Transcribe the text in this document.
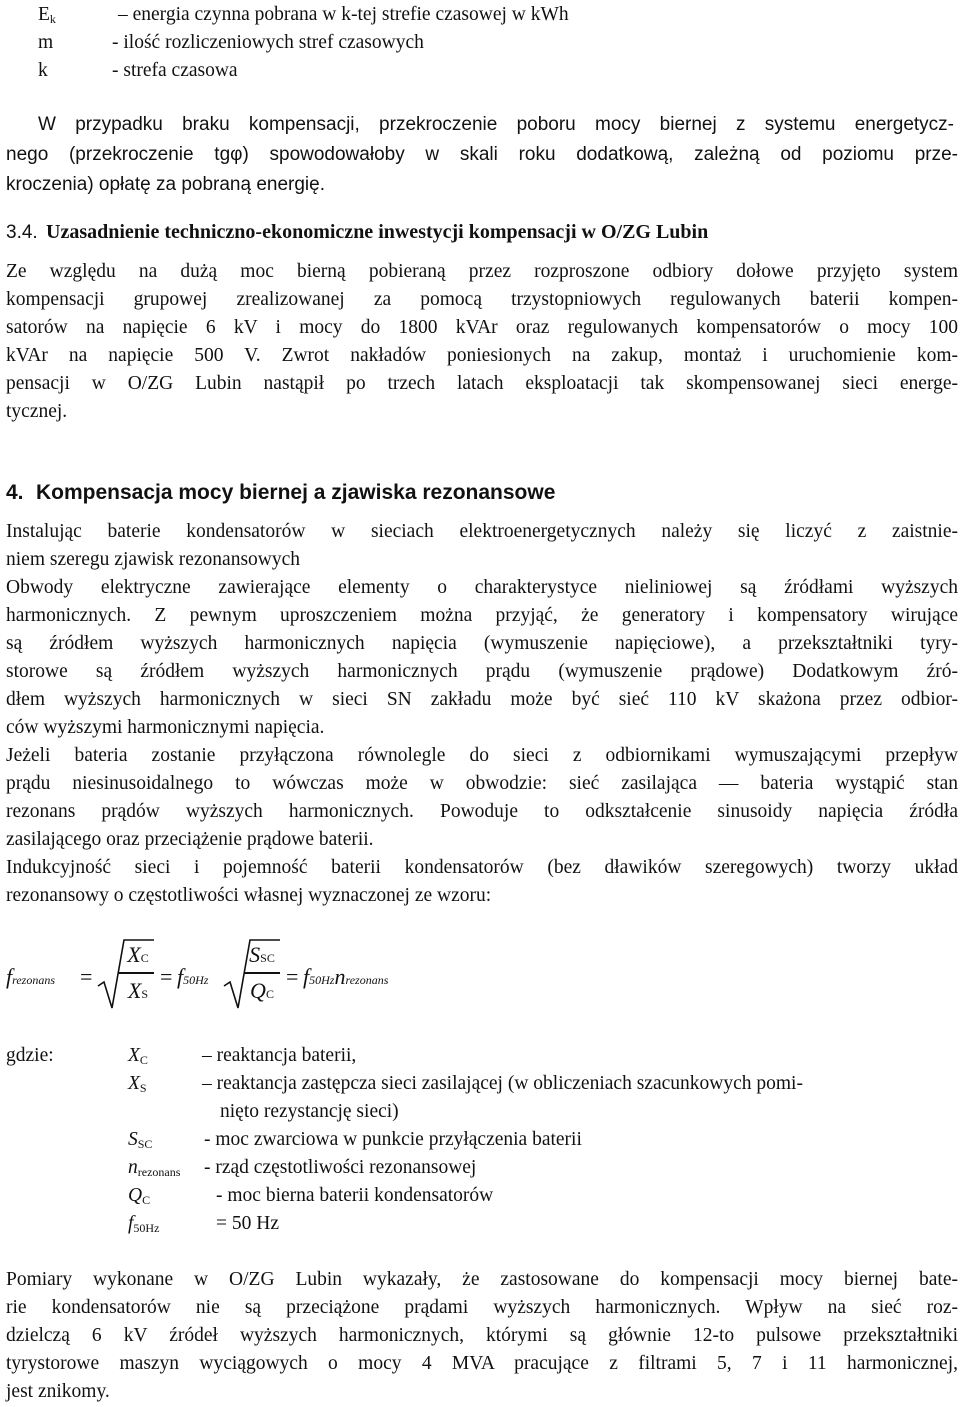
$E_k$	– energia czynna pobrana w k-tej strefie czasowej w kWh
m	- ilość rozliczeniowych stref czasowych
k	- strefa czasowa
W przypadku braku kompensacji, przekroczenie poboru mocy biernej z systemu energetycz-
nego (przekroczenie tgφ) spowodowałoby w skali roku dodatkową, zależną od poziomu prze-
kroczenia) opłatę za pobraną energię.
3.4. Uzasadnienie techniczno-ekonomiczne inwestycji kompensacji w O/ZG Lubin
Ze względu na dużą moc bierną pobieraną przez rozproszone odbiory dołowe przyjęto system
kompensacji grupowej zrealizowanej za pomocą trzystopniowych regulowanych baterii kompen-
satorów na napięcie 6 kV i mocy do 1800 kVAr oraz regulowanych kompensatorów o mocy 100
kVAr na napięcie 500 V. Zwrot nakładów poniesionych na zakup, montaż i uruchomienie kom-
pensacji w O/ZG Lubin nastąpił po trzech latach eksploatacji tak skompensowanej sieci energe-
tycznej.
4. Kompensacja mocy biernej a zjawiska rezonansowe
Instalując baterie kondensatorów w sieciach elektroenergetycznych należy się liczyć z zaistnie-
niem szeregu zjawisk rezonansowych
Obwody elektryczne zawierające elementy o charakterystyce nieliniowej są źródłami wyższych
harmonicznych. Z pewnym uproszczeniem można przyjąć, że generatory i kompensatory wirujące
są źródłem wyższych harmonicznych napięcia (wymuszenie napięciowe), a przekształtniki tyry-
storowe są źródłem wyższych harmonicznych prądu (wymuszenie prądowe) Dodatkowym źró-
dłem wyższych harmonicznych w sieci SN zakładu może być sieć 110 kV skażona przez odbior-
ców wyższymi harmonicznymi napięcia.
Jeżeli bateria zostanie przyłączona równolegle do sieci z odbiornikami wymuszającymi przepływ
prądu niesinusoidalnego to wówczas może w obwodzie: sieć zasilająca — bateria wystąpić stan
rezonans prądów wyższych harmonicznych. Powoduje to odkształcenie sinusoidy napięcia źródła
zasilającego oraz przeciążenie prądowe baterii.
Indukcyjność sieci i pojemność baterii kondensatorów (bez dławików szeregowych) tworzy układ
rezonansowy o częstotliwości własnej wyznaczonej ze wzoru:
frezonans =
XC
XS
= f50Hz
SSC
QC
= f50Hznrezonans
gdzie:	$X_C$	– reaktancja baterii,
$X_S$	– reaktancja zastępcza sieci zasilającej (w obliczeniach szacunkowych pomi-
nięto rezystancję sieci)
$S_{SC}$	- moc zwarciowa w punkcie przyłączenia baterii
$n_{rezonans}$ - rząd częstotliwości rezonansowej
$Q_C$	- moc bierna baterii kondensatorów
$f_{50Hz}$	= 50 Hz
Pomiary wykonane w O/ZG Lubin wykazały, że zastosowane do kompensacji mocy biernej bate-
rie kondensatorów nie są przeciążone prądami wyższych harmonicznych. Wpływ na sieć roz-
dzielczą 6 kV źródeł wyższych harmonicznych, którymi są głównie 12-to pulsowe przekształtniki
tyrystorowe maszyn wyciągowych o mocy 4 MVA pracujące z filtrami 5, 7 i 11 harmonicznej,
jest znikomy.
